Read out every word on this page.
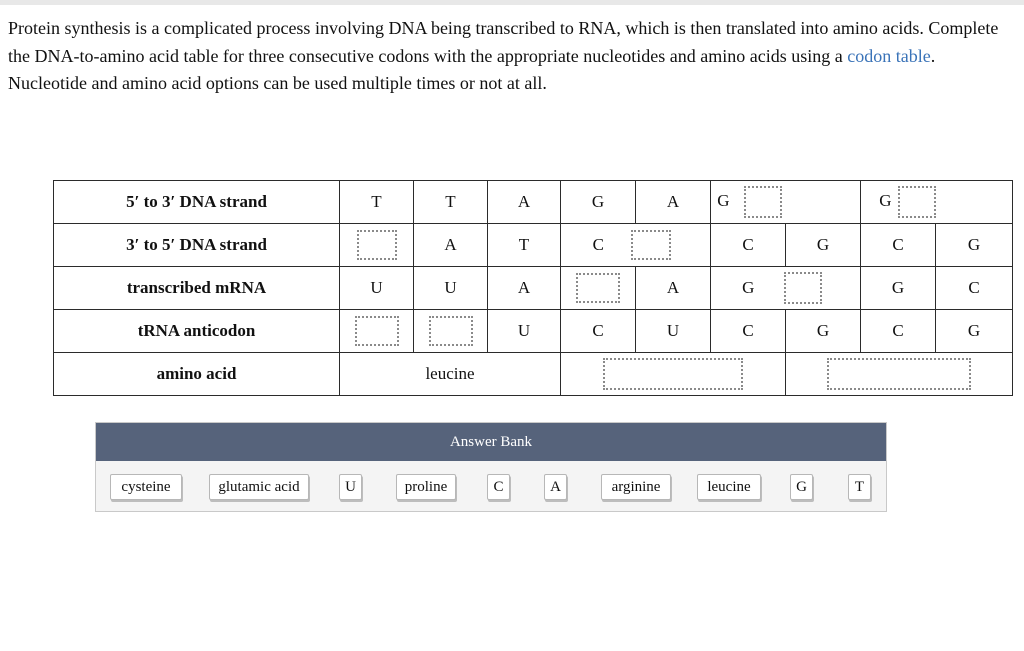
Protein synthesis is a complicated process involving DNA being transcribed to RNA, which is then translated into amino acids. Complete the DNA-to-amino acid table for three consecutive codons with the appropriate nucleotides and amino acids using a codon table. Nucleotide and amino acid options can be used multiple times or not at all.
5′ to 3′ DNA strand	T	T	A	G	A	G		G	
3′ to 5′ DNA strand		A	T	C		C	G	C	G
transcribed mRNA	U	U	A		A	G		G	C
tRNA anticodon			U	C	U	C	G	C	G
amino acid	leucine								
Answer Bank
cysteine	glutamic acid	U	proline	C	A	arginine	leucine	G	T
